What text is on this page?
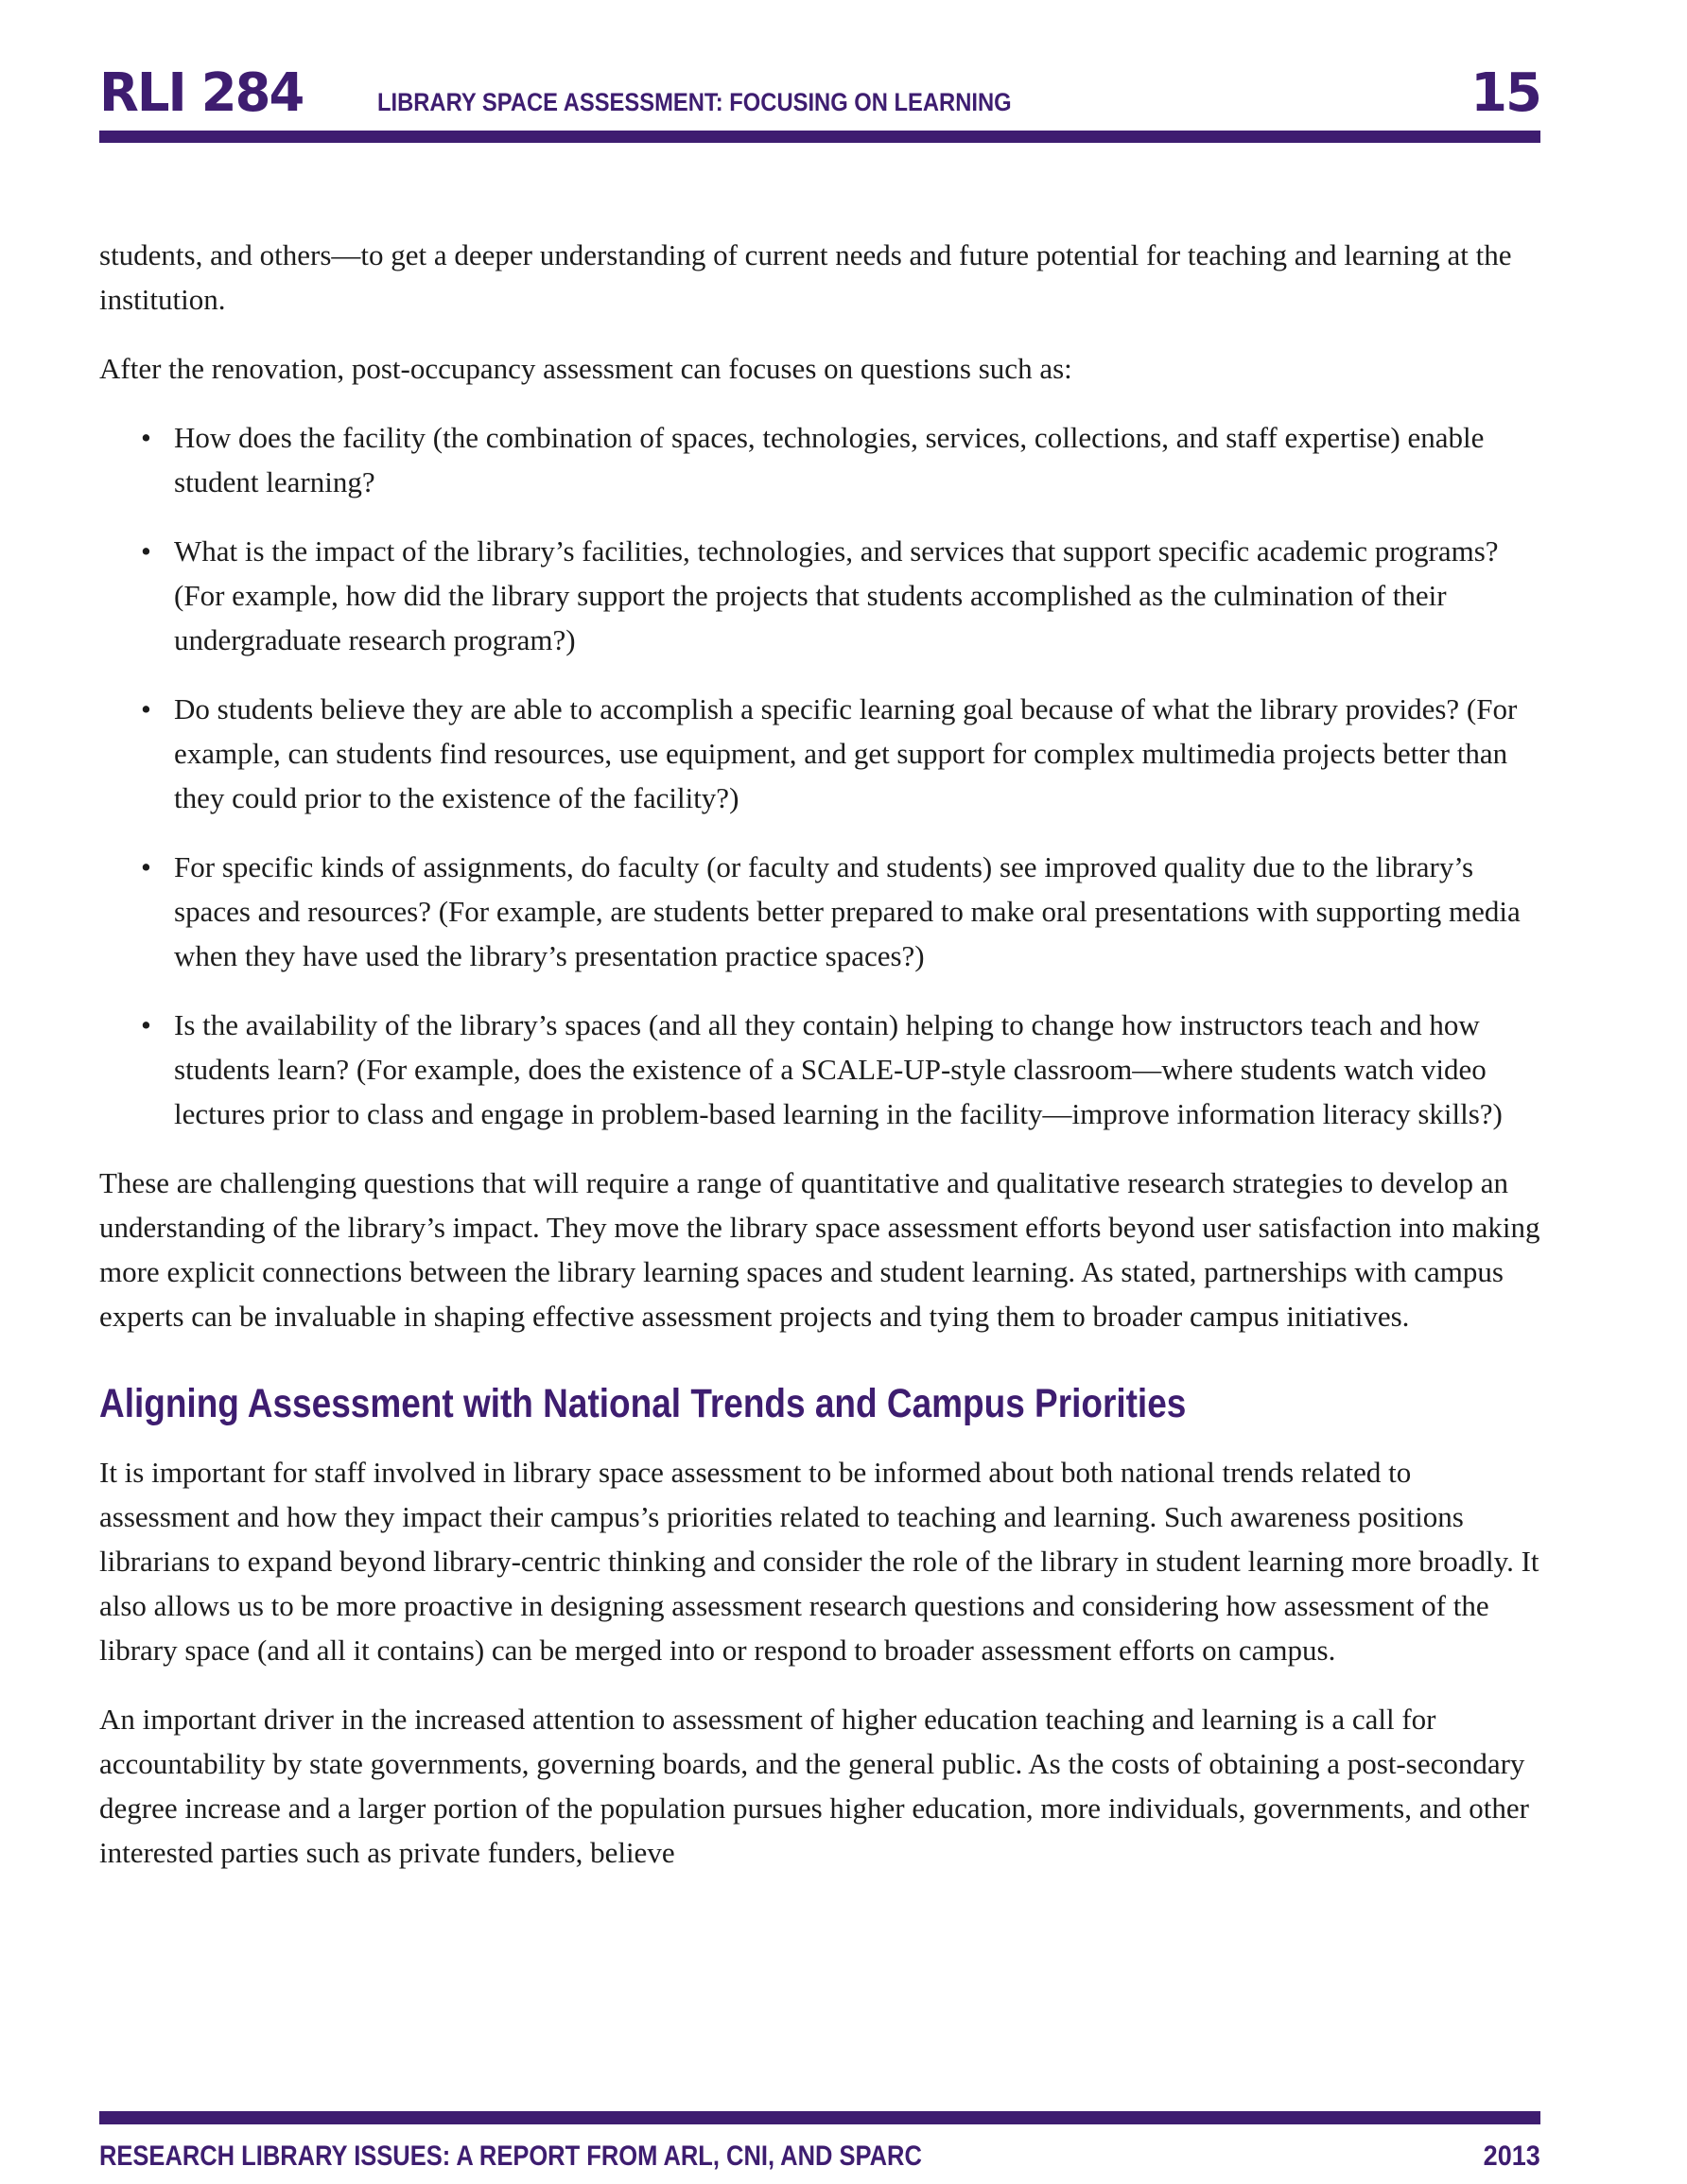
RLI 284	LIBRARY SPACE ASSESSMENT: FOCUSING ON LEARNING	15

students, and others—to get a deeper understanding of current needs and future potential for teaching and learning at the institution.

After the renovation, post-occupancy assessment can focuses on questions such as:

• How does the facility (the combination of spaces, technologies, services, collections, and staff expertise) enable student learning?
• What is the impact of the library’s facilities, technologies, and services that support specific academic programs? (For example, how did the library support the projects that students accomplished as the culmination of their undergraduate research program?)
• Do students believe they are able to accomplish a specific learning goal because of what the library provides? (For example, can students find resources, use equipment, and get support for complex multimedia projects better than they could prior to the existence of the facility?)
• For specific kinds of assignments, do faculty (or faculty and students) see improved quality due to the library’s spaces and resources? (For example, are students better prepared to make oral presentations with supporting media when they have used the library’s presentation practice spaces?)
• Is the availability of the library’s spaces (and all they contain) helping to change how instructors teach and how students learn? (For example, does the existence of a SCALE-UP-style classroom—where students watch video lectures prior to class and engage in problem-based learning in the facility—improve information literacy skills?)

These are challenging questions that will require a range of quantitative and qualitative research strategies to develop an understanding of the library’s impact. They move the library space assessment efforts beyond user satisfaction into making more explicit connections between the library learning spaces and student learning. As stated, partnerships with campus experts can be invaluable in shaping effective assessment projects and tying them to broader campus initiatives.

Aligning Assessment with National Trends and Campus Priorities

It is important for staff involved in library space assessment to be informed about both national trends related to assessment and how they impact their campus’s priorities related to teaching and learning. Such awareness positions librarians to expand beyond library-centric thinking and consider the role of the library in student learning more broadly. It also allows us to be more proactive in designing assessment research questions and considering how assessment of the library space (and all it contains) can be merged into or respond to broader assessment efforts on campus.

An important driver in the increased attention to assessment of higher education teaching and learning is a call for accountability by state governments, governing boards, and the general public. As the costs of obtaining a post-secondary degree increase and a larger portion of the population pursues higher education, more individuals, governments, and other interested parties such as private funders, believe

RESEARCH LIBRARY ISSUES: A REPORT FROM ARL, CNI, AND SPARC	2013
